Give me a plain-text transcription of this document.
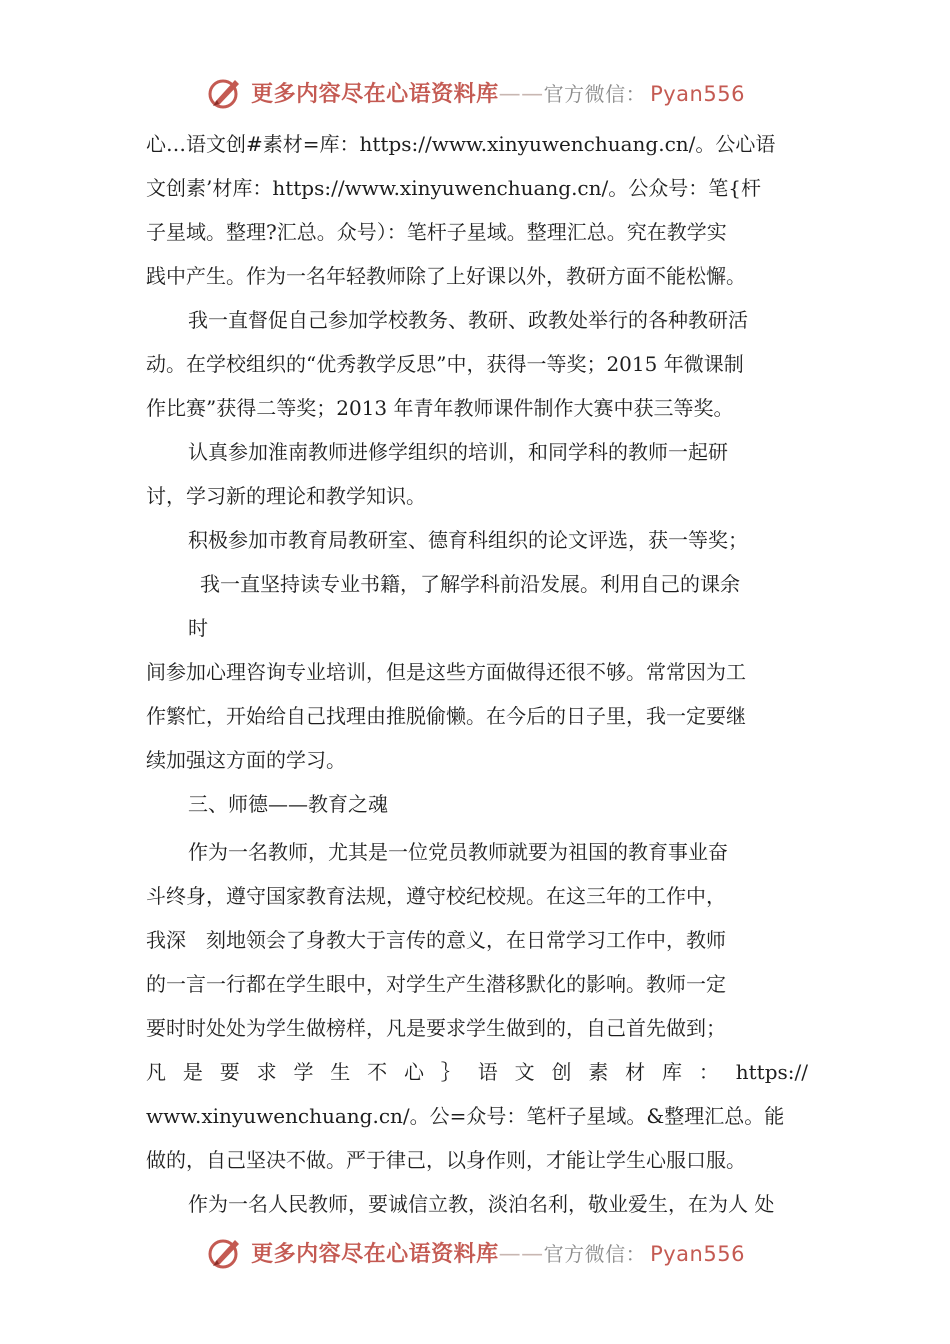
更多内容尽在心语资料库——官方微信： Pyan556
心…语文创#素材=库：https://www.xinyuwenchuang.cn/。公心语
文创素’材库：https://www.xinyuwenchuang.cn/。公众号：笔{杆
子星域。整理?汇总。众号）：笔杆子星域。整理汇总。究在教学实
践中产生。作为一名年轻教师除了上好课以外，教研方面不能松懈。
我一直督促自己参加学校教务、教研、政教处举行的各种教研活
动。在学校组织的“优秀教学反思”中，获得一等奖；2015 年微课制
作比赛”获得二等奖；2013 年青年教师课件制作大赛中获三等奖。
认真参加淮南教师进修学组织的培训，和同学科的教师一起研
讨，学习新的理论和教学知识。
积极参加市教育局教研室、德育科组织的论文评选，获一等奖；
我一直坚持读专业书籍，了解学科前沿发展。利用自己的课余
时
间参加心理咨询专业培训，但是这些方面做得还很不够。常常因为工
作繁忙，开始给自己找理由推脱偷懒。在今后的日子里，我一定要继
续加强这方面的学习。
三、师德——教育之魂
作为一名教师，尤其是一位党员教师就要为祖国的教育事业奋
斗终身，遵守国家教育法规，遵守校纪校规。在这三年的工作中，
我深　刻地领会了身教大于言传的意义，在日常学习工作中，教师
的一言一行都在学生眼中，对学生产生潜移默化的影响。教师一定
要时时处处为学生做榜样，凡是要求学生做到的，自己首先做到；
凡 是 要 求 学 生 不 心 ｝ 语 文 创 素 材 库 ： https://
www.xinyuwenchuang.cn/。公=众号：笔杆子星域。&整理汇总。能
做的，自己坚决不做。严于律己，以身作则，才能让学生心服口服。
作为一名人民教师，要诚信立教，淡泊名利，敬业爱生，在为人 处
更多内容尽在心语资料库——官方微信： Pyan556
